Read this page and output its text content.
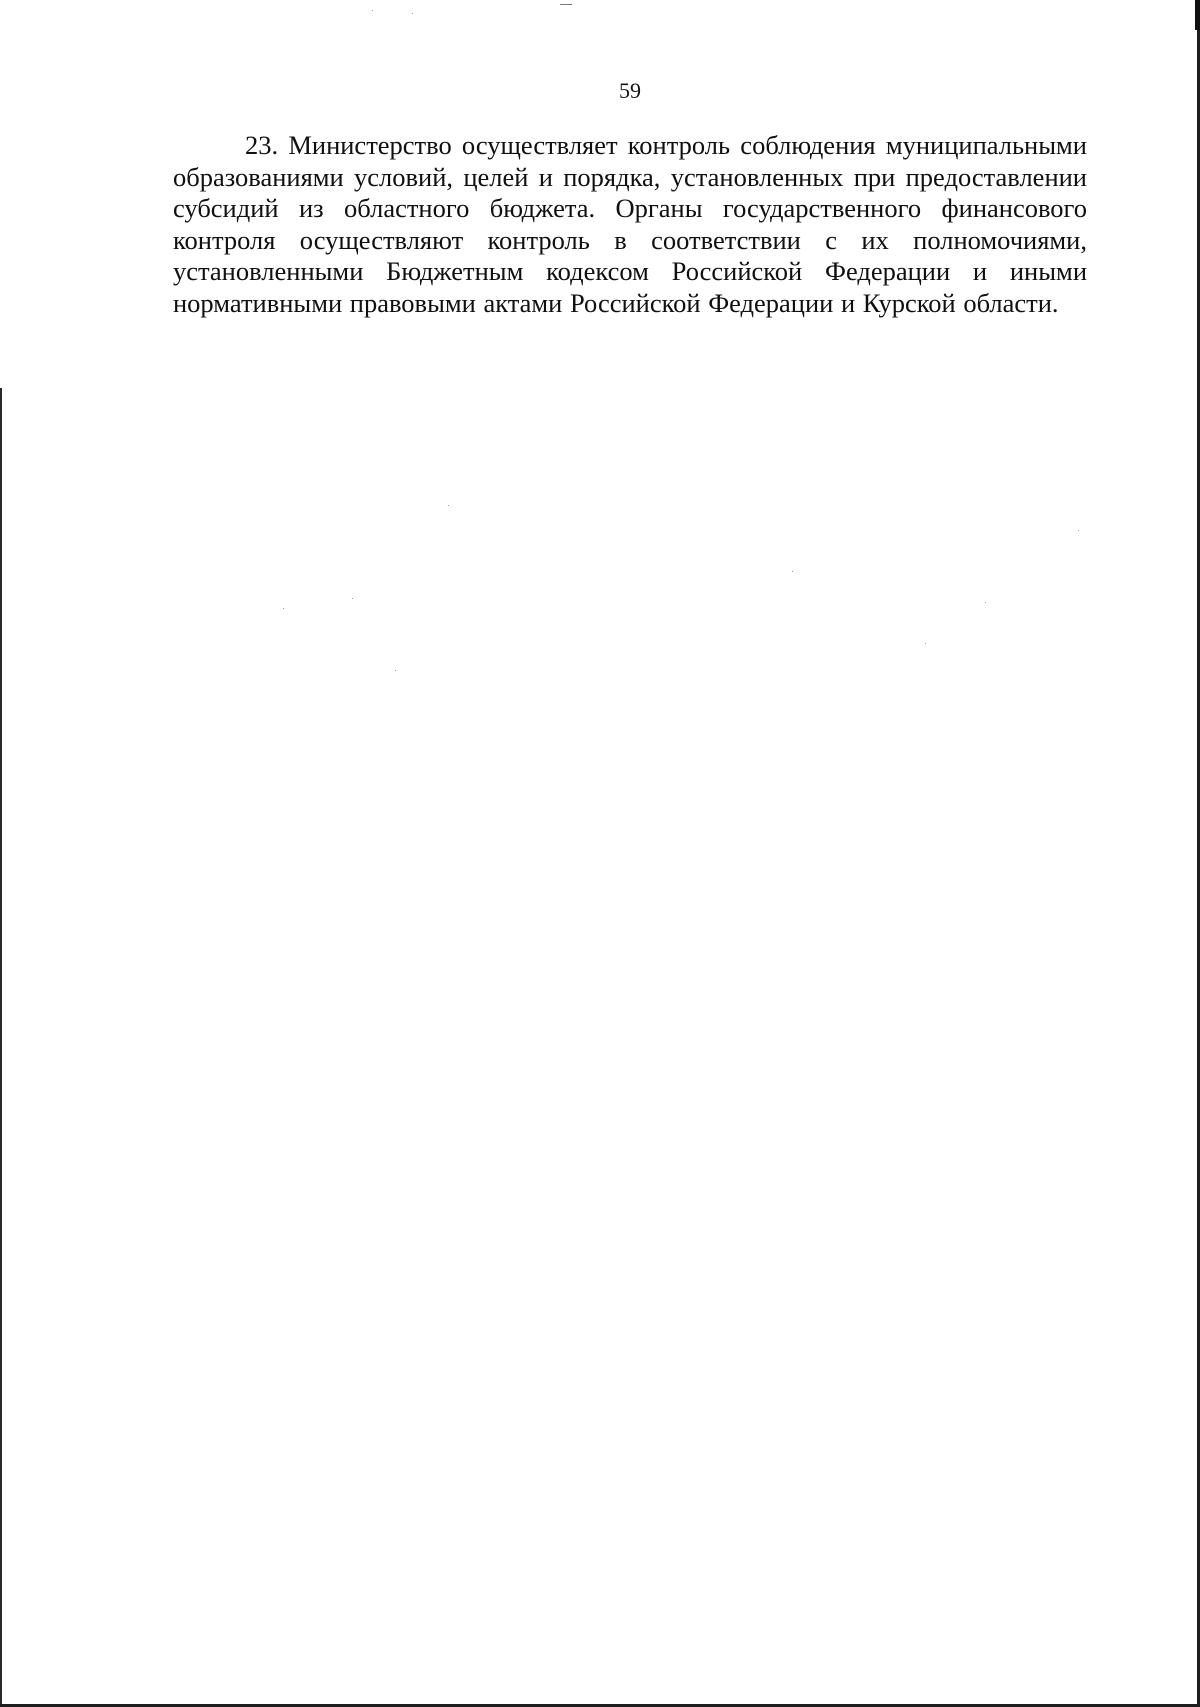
59

23. Министерство осуществляет контроль соблюдения муниципальными образованиями условий, целей и порядка, установленных при предоставлении субсидий из областного бюджета. Органы государственного финансового контроля осуществляют контроль в соответствии с их полномочиями, установленными Бюджетным кодексом Российской Федерации и иными нормативными правовыми актами Российской Федерации и Курской области.
